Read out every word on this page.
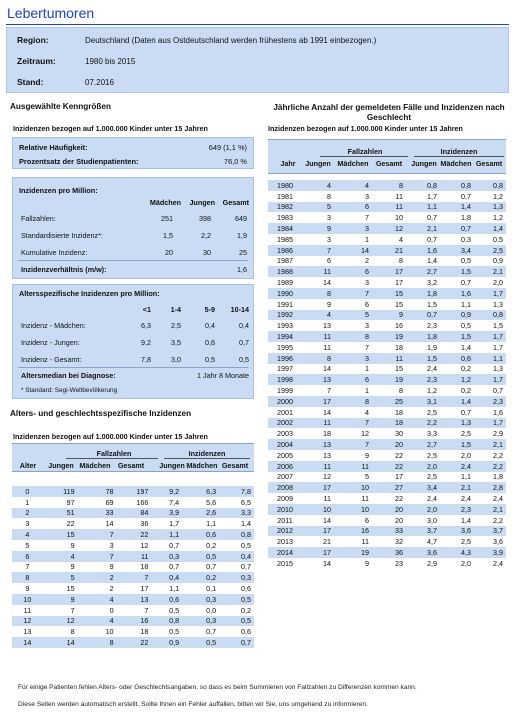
Lebertumoren
Region:	Deutschland (Daten aus Ostdeutschland werden frühestens ab 1991 einbezogen.)
Zeitraum:	1980 bis 2015
Stand:	07.2016
Ausgewählte Kenngrößen
Inzidenzen bezogen auf 1.000.000 Kinder unter 15 Jahren
Relative Häufigkeit:	649 (1,1 %)
Prozentsatz der Studienpatienten:	76,0 %
Inzidenzen pro Million:
Mädchen	Jungen	Gesamt
Fallzahlen:	251	398	649
Standardisierte Inzidenz*:	1,5	2,2	1,9
Kumulative Inzidenz:	20	30	25
Inzidenzverhältnis (m/w):	1,6
Altersspezifische Inzidenzen pro Million:
<1	1-4	5-9	10-14
Inzidenz - Mädchen:	6,3	2,5	0,4	0,4
Inzidenz - Jungen:	9,2	3,5	0,6	0,7
Inzidenz - Gesamt:	7,8	3,0	0,5	0,5
Altersmedian bei Diagnose:	1 Jahr 8 Monate
* Standard: Segi-Weltbevölkerung
Alters- und geschlechtsspezifische Inzidenzen
Inzidenzen bezogen auf 1.000.000 Kinder unter 15 Jahren
Fallzahlen	Inzidenzen
Alter	Jungen Mädchen	Gesamt	Jungen Mädchen Gesamt
0	119	78	197	9,2	6,3	7,8
1	97	69	166	7,4	5,6	6,5
2	51	33	84	3,9	2,6	3,3
3	22	14	36	1,7	1,1	1,4
4	15	7	22	1,1	0,6	0,8
5	9	3	12	0,7	0,2	0,5
6	4	7	11	0,3	0,5	0,4
7	9	9	18	0,7	0,7	0,7
8	5	2	7	0,4	0,2	0,3
9	15	2	17	1,1	0,1	0,6
10	9	4	13	0,6	0,3	0,5
11	7	0	7	0,5	0,0	0,2
12	12	4	16	0,8	0,3	0,5
13	8	10	18	0,5	0,7	0,6
14	14	8	22	0,9	0,5	0,7
Jährliche Anzahl der gemeldeten Fälle und Inzidenzen nach Geschlecht
Inzidenzen bezogen auf 1.000.000 Kinder unter 15 Jahren
Fallzahlen	Inzidenzen
Jahr	Jungen Mädchen	Gesamt	Jungen Mädchen Gesamt
1980	4	4	8	0,8	0,8	0,8
1981	8	3	11	1,7	0,7	1,2
1982	5	6	11	1,1	1,4	1,3
1983	3	7	10	0,7	1,8	1,2
1984	9	3	12	2,1	0,7	1,4
1985	3	1	4	0,7	0,3	0,5
1986	7	14	21	1,6	3,4	2,5
1987	6	2	8	1,4	0,5	0,9
1988	11	6	17	2,7	1,5	2,1
1989	14	3	17	3,2	0,7	2,0
1990	8	7	15	1,8	1,6	1,7
1991	9	6	15	1,5	1,1	1,3
1992	4	5	9	0,7	0,9	0,8
1993	13	3	16	2,3	0,5	1,5
1994	11	8	19	1,8	1,5	1,7
1995	11	7	18	1,9	1,4	1,7
1996	8	3	11	1,5	0,6	1,1
1997	14	1	15	2,4	0,2	1,3
1998	13	6	19	2,3	1,2	1,7
1999	7	1	8	1,2	0,2	0,7
2000	17	8	25	3,1	1,4	2,3
2001	14	4	18	2,5	0,7	1,6
2002	11	7	18	2,2	1,3	1,7
2003	18	12	30	3,3	2,5	2,9
2004	13	7	20	2,7	1,5	2,1
2005	13	9	22	2,5	2,0	2,2
2006	11	11	22	2,0	2,4	2,2
2007	12	5	17	2,5	1,1	1,8
2008	17	10	27	3,4	2,1	2,8
2009	11	11	22	2,4	2,4	2,4
2010	10	10	20	2,0	2,3	2,1
2011	14	6	20	3,0	1,4	2,2
2012	17	16	33	3,7	3,6	3,7
2013	21	11	32	4,7	2,5	3,6
2014	17	19	36	3,6	4,3	3,9
2015	14	9	23	2,9	2,0	2,4
Für einige Patienten fehlen Alters- oder Geschlechtsangaben, so dass es beim Summieren von Fallzahlen zu Differenzen kommen kann.
Diese Seiten werden automatisch erstellt. Sollte Ihnen ein Fehler auffallen, bitten wir Sie, uns umgehend zu informieren.
